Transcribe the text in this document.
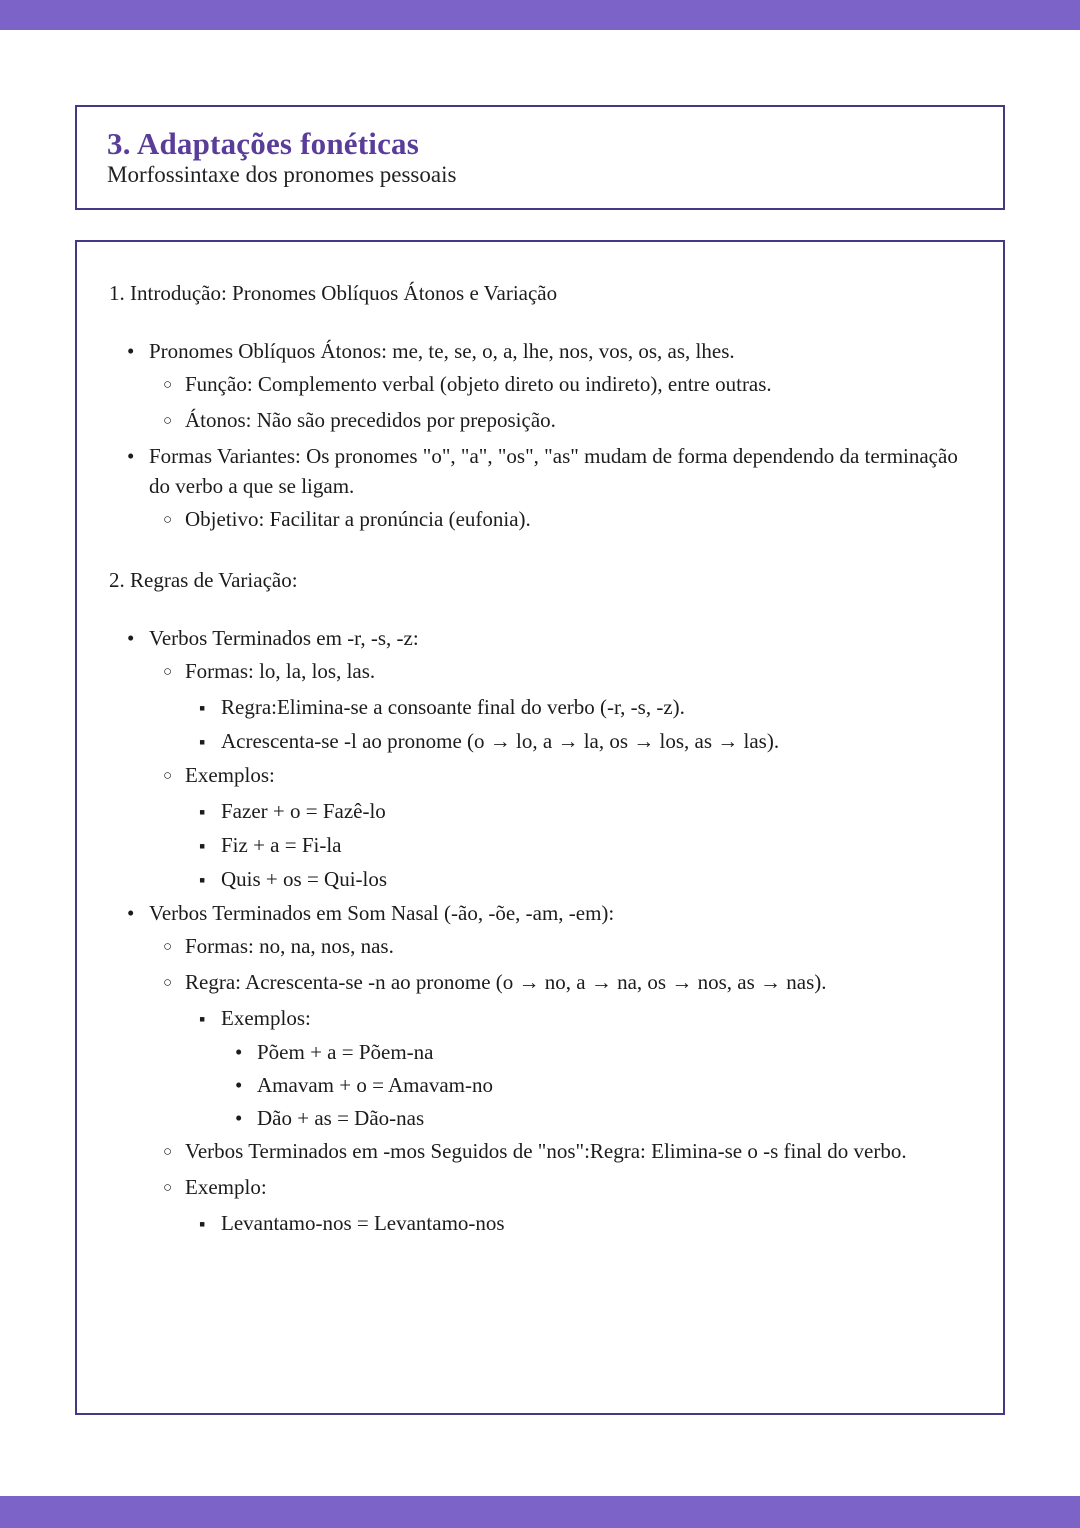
3. Adaptações fonéticas
Morfossintaxe dos pronomes pessoais
1. Introdução: Pronomes Oblíquos Átonos e Variação
•
Pronomes Oblíquos Átonos: me, te, se, o, a, lhe, nos, vos, os, as, lhes.
○
Função: Complemento verbal (objeto direto ou indireto), entre outras.
○
Átonos: Não são precedidos por preposição.
•
Formas Variantes: Os pronomes "o", "a", "os", "as" mudam de forma dependendo da terminação do verbo a que se ligam.
○
Objetivo: Facilitar a pronúncia (eufonia).
2. Regras de Variação:
•
Verbos Terminados em -r, -s, -z:
○
Formas: lo, la, los, las.
▪
Regra:Elimina-se a consoante final do verbo (-r, -s, -z).
▪
Acrescenta-se -l ao pronome (o → lo, a → la, os → los, as → las).
○
Exemplos:
▪
Fazer + o = Fazê-lo
▪
Fiz + a = Fi-la
▪
Quis + os = Qui-los
•
Verbos Terminados em Som Nasal (-ão, -õe, -am, -em):
○
Formas: no, na, nos, nas.
○
Regra: Acrescenta-se -n ao pronome (o → no, a → na, os → nos, as → nas).
▪
Exemplos:
•
Põem + a = Põem-na
•
Amavam + o = Amavam-no
•
Dão + as = Dão-nas
○
Verbos Terminados em -mos Seguidos de "nos":Regra: Elimina-se o -s final do verbo.
○
Exemplo:
▪
Levantamo-nos = Levantamo-nos
